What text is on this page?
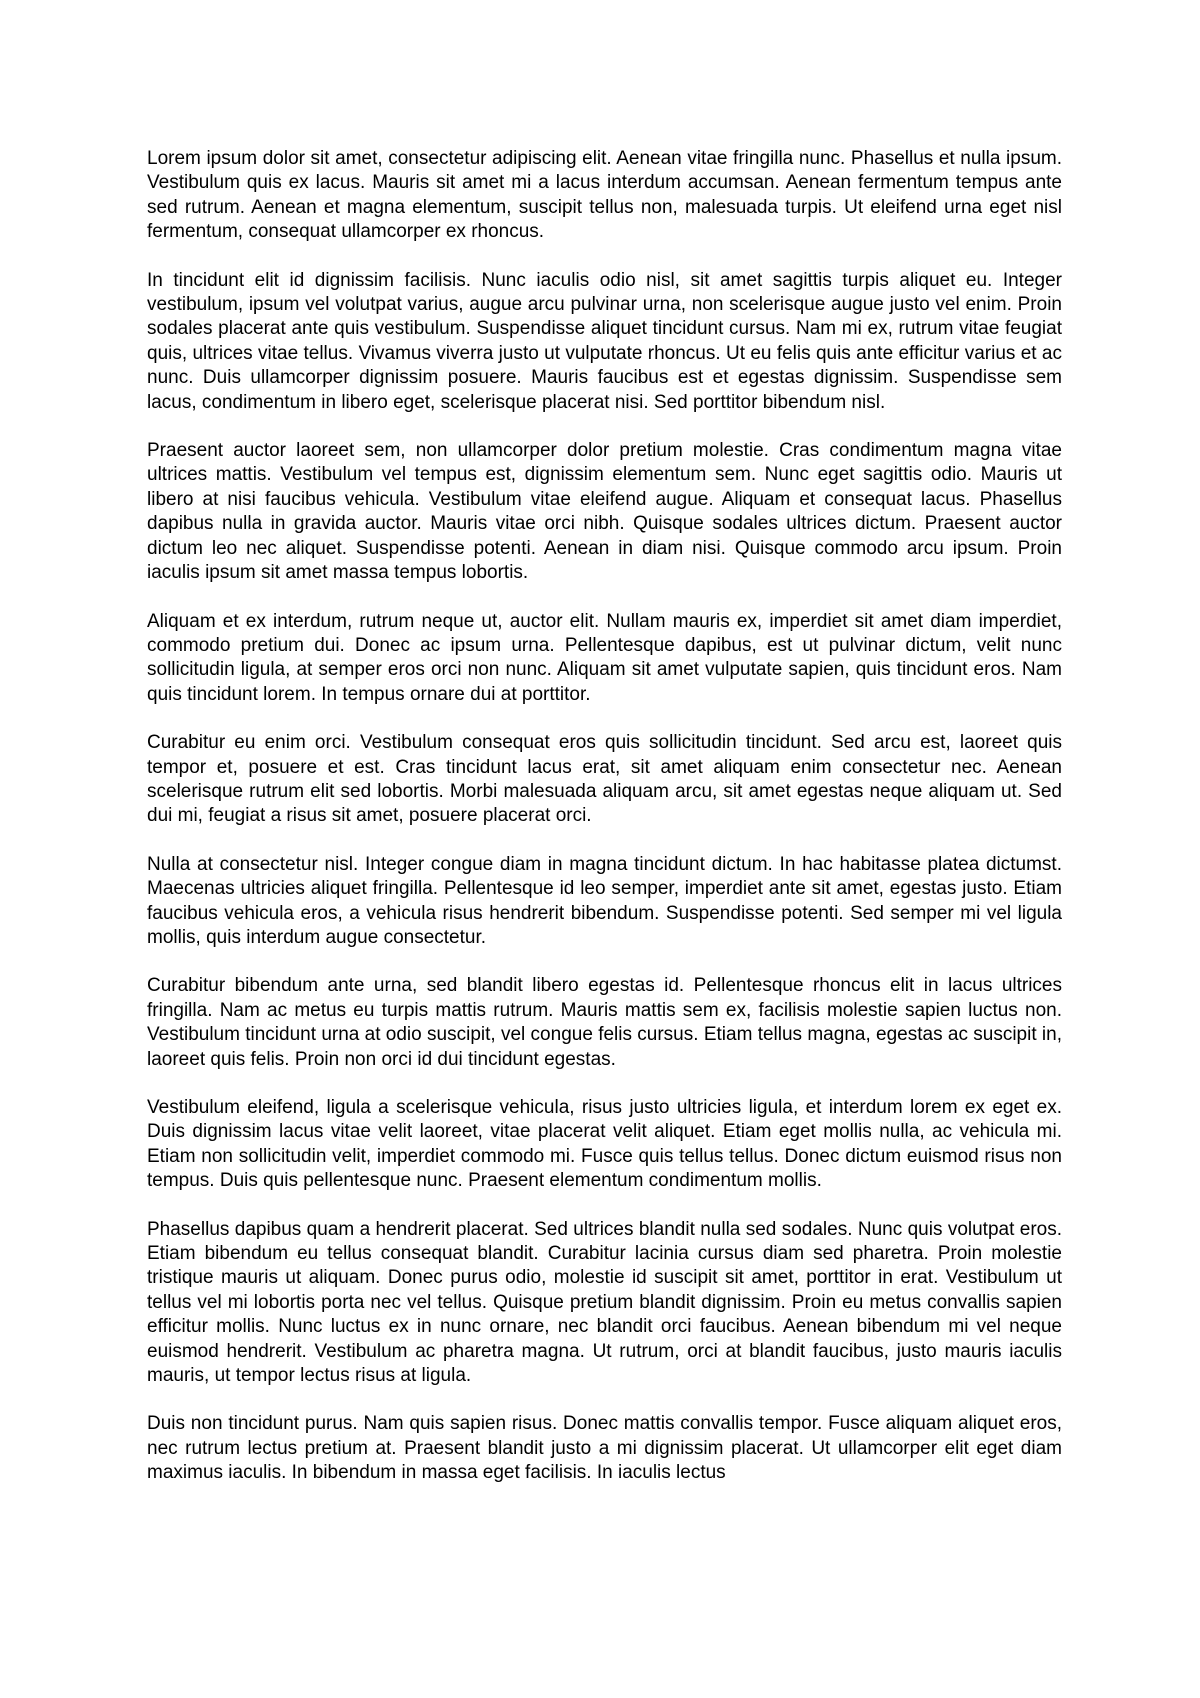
Lorem ipsum dolor sit amet, consectetur adipiscing elit. Aenean vitae fringilla nunc. Phasellus et nulla ipsum. Vestibulum quis ex lacus. Mauris sit amet mi a lacus interdum accumsan. Aenean fermentum tempus ante sed rutrum. Aenean et magna elementum, suscipit tellus non, malesuada turpis. Ut eleifend urna eget nisl fermentum, consequat ullamcorper ex rhoncus.

In tincidunt elit id dignissim facilisis. Nunc iaculis odio nisl, sit amet sagittis turpis aliquet eu. Integer vestibulum, ipsum vel volutpat varius, augue arcu pulvinar urna, non scelerisque augue justo vel enim. Proin sodales placerat ante quis vestibulum. Suspendisse aliquet tincidunt cursus. Nam mi ex, rutrum vitae feugiat quis, ultrices vitae tellus. Vivamus viverra justo ut vulputate rhoncus. Ut eu felis quis ante efficitur varius et ac nunc. Duis ullamcorper dignissim posuere. Mauris faucibus est et egestas dignissim. Suspendisse sem lacus, condimentum in libero eget, scelerisque placerat nisi. Sed porttitor bibendum nisl.

Praesent auctor laoreet sem, non ullamcorper dolor pretium molestie. Cras condimentum magna vitae ultrices mattis. Vestibulum vel tempus est, dignissim elementum sem. Nunc eget sagittis odio. Mauris ut libero at nisi faucibus vehicula. Vestibulum vitae eleifend augue. Aliquam et consequat lacus. Phasellus dapibus nulla in gravida auctor. Mauris vitae orci nibh. Quisque sodales ultrices dictum. Praesent auctor dictum leo nec aliquet. Suspendisse potenti. Aenean in diam nisi. Quisque commodo arcu ipsum. Proin iaculis ipsum sit amet massa tempus lobortis.

Aliquam et ex interdum, rutrum neque ut, auctor elit. Nullam mauris ex, imperdiet sit amet diam imperdiet, commodo pretium dui. Donec ac ipsum urna. Pellentesque dapibus, est ut pulvinar dictum, velit nunc sollicitudin ligula, at semper eros orci non nunc. Aliquam sit amet vulputate sapien, quis tincidunt eros. Nam quis tincidunt lorem. In tempus ornare dui at porttitor.

Curabitur eu enim orci. Vestibulum consequat eros quis sollicitudin tincidunt. Sed arcu est, laoreet quis tempor et, posuere et est. Cras tincidunt lacus erat, sit amet aliquam enim consectetur nec. Aenean scelerisque rutrum elit sed lobortis. Morbi malesuada aliquam arcu, sit amet egestas neque aliquam ut. Sed dui mi, feugiat a risus sit amet, posuere placerat orci.

Nulla at consectetur nisl. Integer congue diam in magna tincidunt dictum. In hac habitasse platea dictumst. Maecenas ultricies aliquet fringilla. Pellentesque id leo semper, imperdiet ante sit amet, egestas justo. Etiam faucibus vehicula eros, a vehicula risus hendrerit bibendum. Suspendisse potenti. Sed semper mi vel ligula mollis, quis interdum augue consectetur.

Curabitur bibendum ante urna, sed blandit libero egestas id. Pellentesque rhoncus elit in lacus ultrices fringilla. Nam ac metus eu turpis mattis rutrum. Mauris mattis sem ex, facilisis molestie sapien luctus non. Vestibulum tincidunt urna at odio suscipit, vel congue felis cursus. Etiam tellus magna, egestas ac suscipit in, laoreet quis felis. Proin non orci id dui tincidunt egestas.

Vestibulum eleifend, ligula a scelerisque vehicula, risus justo ultricies ligula, et interdum lorem ex eget ex. Duis dignissim lacus vitae velit laoreet, vitae placerat velit aliquet. Etiam eget mollis nulla, ac vehicula mi. Etiam non sollicitudin velit, imperdiet commodo mi. Fusce quis tellus tellus. Donec dictum euismod risus non tempus. Duis quis pellentesque nunc. Praesent elementum condimentum mollis.

Phasellus dapibus quam a hendrerit placerat. Sed ultrices blandit nulla sed sodales. Nunc quis volutpat eros. Etiam bibendum eu tellus consequat blandit. Curabitur lacinia cursus diam sed pharetra. Proin molestie tristique mauris ut aliquam. Donec purus odio, molestie id suscipit sit amet, porttitor in erat. Vestibulum ut tellus vel mi lobortis porta nec vel tellus. Quisque pretium blandit dignissim. Proin eu metus convallis sapien efficitur mollis. Nunc luctus ex in nunc ornare, nec blandit orci faucibus. Aenean bibendum mi vel neque euismod hendrerit. Vestibulum ac pharetra magna. Ut rutrum, orci at blandit faucibus, justo mauris iaculis mauris, ut tempor lectus risus at ligula.

Duis non tincidunt purus. Nam quis sapien risus. Donec mattis convallis tempor. Fusce aliquam aliquet eros, nec rutrum lectus pretium at. Praesent blandit justo a mi dignissim placerat. Ut ullamcorper elit eget diam maximus iaculis. In bibendum in massa eget facilisis. In iaculis lectus
